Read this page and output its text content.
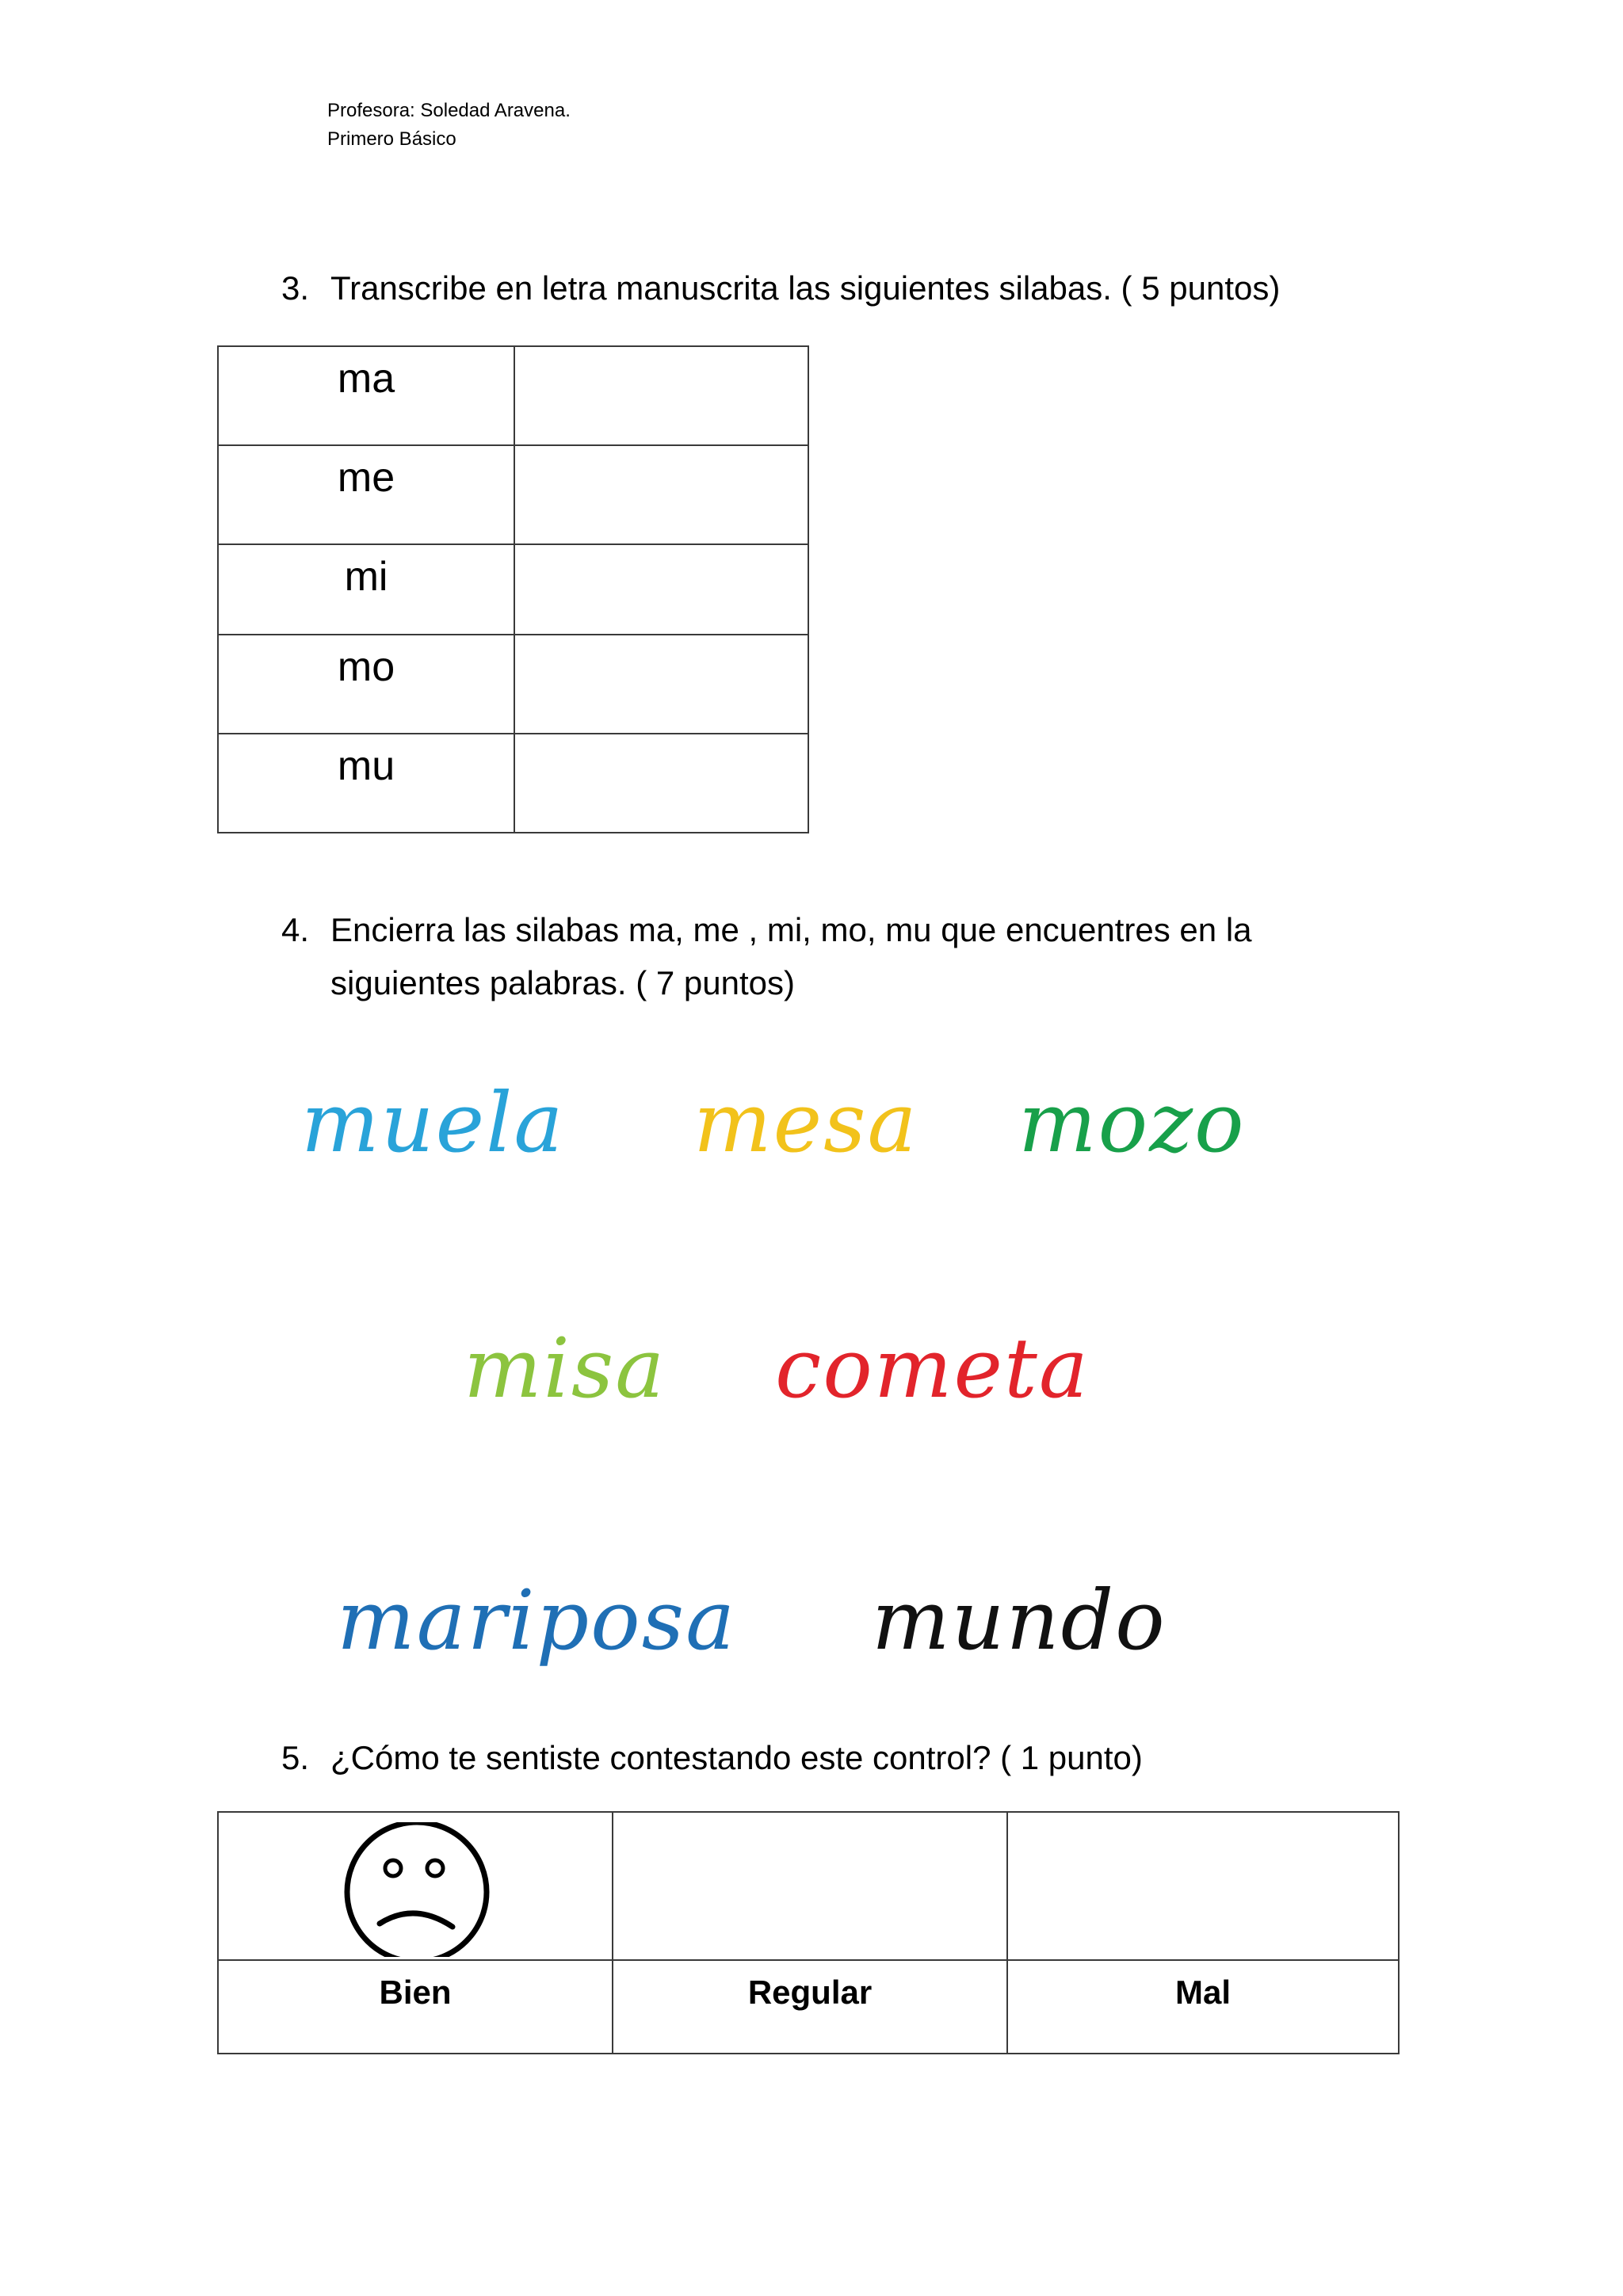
Profesora: Soledad Aravena.
Primero Básico
3. Transcribe en letra manuscrita las siguientes silabas. ( 5 puntos)
ma	
me	
mi	
mo	
mu	
4. Encierra las silabas ma, me , mi, mo, mu que encuentres en la
siguientes palabras. ( 7 puntos)
muela mesa mozo
misa cometa
mariposa mundo
5. ¿Cómo te sentiste contestando este control? ( 1 punto)

Bien	Regular	Mal
